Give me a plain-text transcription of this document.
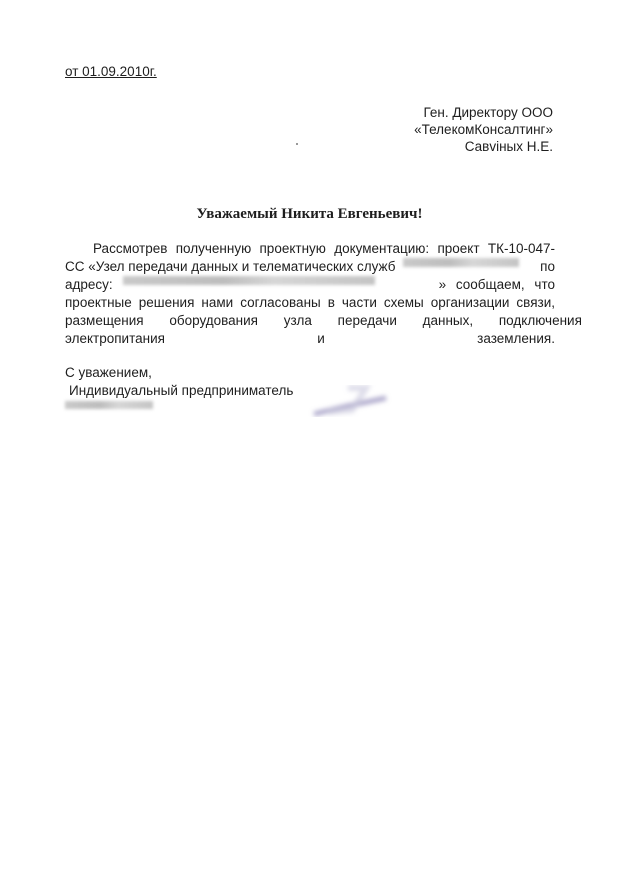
от 01.09.2010г.
Ген. Директору ООО
«ТелекомКонсалтинг»
Савviных Н.Е.
Уважаемый Никита Евгеньевич!
Рассмотрев полученную проектную документацию: проект ТК-10-047-
СС «Узел передачи данных и телематических служб	по
адресу:	» сообщаем, что
проектные решения нами согласованы в части схемы организации связи,
размещения оборудования узла передачи данных, подключения
электропитания и заземления.
С уважением,
Индивидуальный предприниматель
